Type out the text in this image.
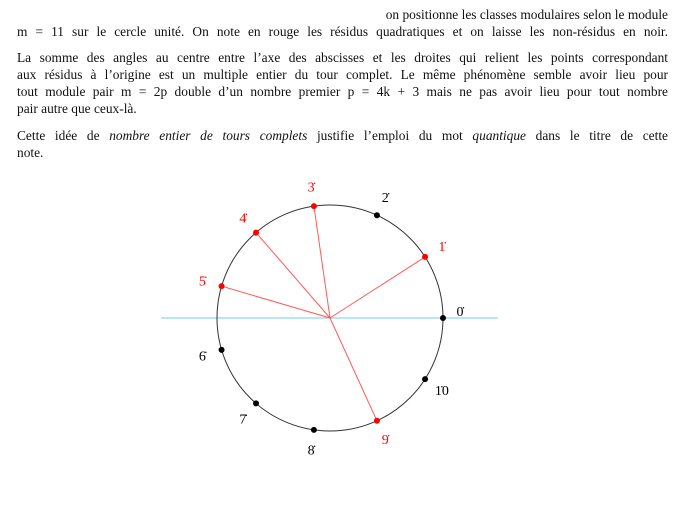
on positionne les classes modulaires selon le module
m = 11 sur le cercle unité. On note en rouge les résidus quadratiques et on laisse les non-résidus en noir.
La somme des angles au centre entre l’axe des abscisses et les droites qui relient les points correspondant
aux résidus à l’origine est un multiple entier du tour complet. Le même phénomène semble avoir lieu pour
tout module pair m = 2p double d’un nombre premier p = 4k + 3 mais ne pas avoir lieu pour tout nombre
pair autre que ceux-là.
Cette idée de nombre entier de tours complets justifie l’emploi du mot quantique dans le titre de cette
note.
0̇
1̇
2̇
3̇
4̇
5̇
6̇
7̇
8̇
9̇
1̇0
